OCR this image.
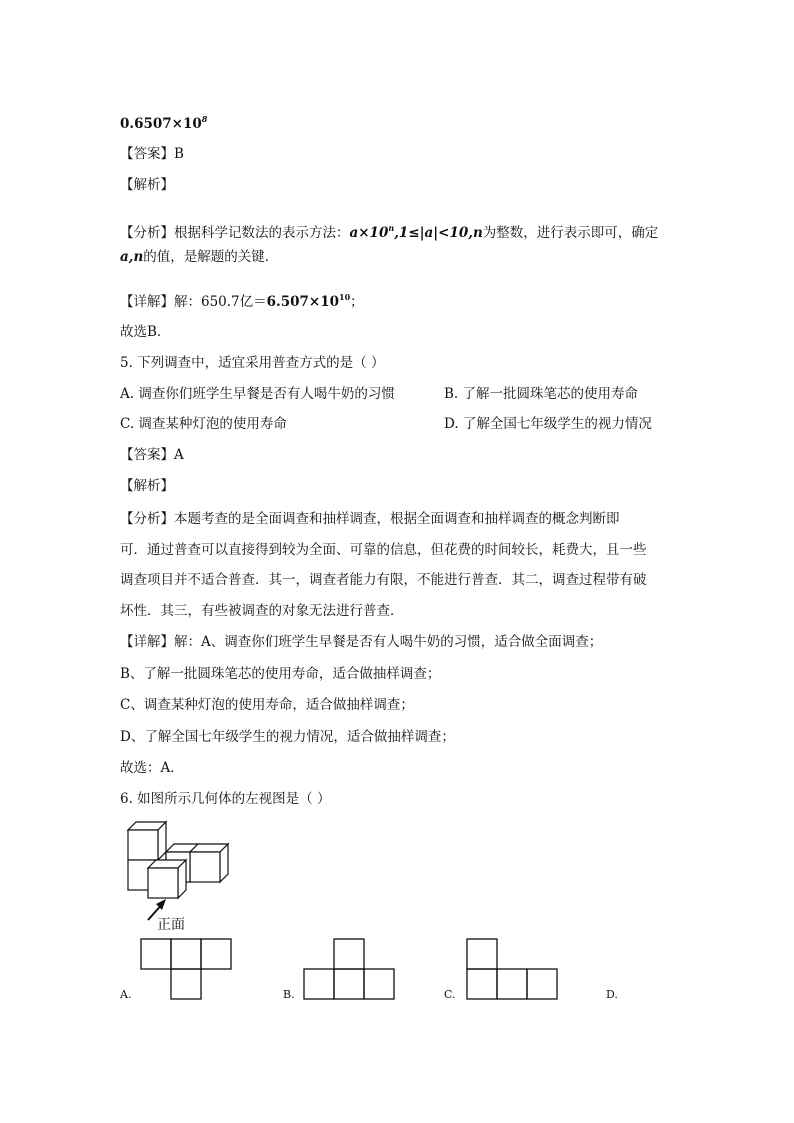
$0.6507\times 10^8$
【答案】B
【解析】
【分析】根据科学记数法的表示方法：$a\times 10^n,1\le|a|<10,n$为整数，进行表示即可，确定
a,n的值，是解题的关键．
【详解】解：650.7亿$=6.507\times 10^{10}$；
故选B．
5. 下列调查中，适宜采用普查方式的是（ ）
A. 调查你们班学生早餐是否有人喝牛奶的习惯	B. 了解一批圆珠笔芯的使用寿命
C. 调查某种灯泡的使用寿命	D. 了解全国七年级学生的视力情况
【答案】A
【解析】
【分析】本题考查的是全面调查和抽样调查，根据全面调查和抽样调查的概念判断即
可．通过普查可以直接得到较为全面、可靠的信息，但花费的时间较长，耗费大，且一些
调查项目并不适合普查．其一，调查者能力有限，不能进行普查．其二，调查过程带有破
坏性．其三，有些被调查的对象无法进行普查．
【详解】解：A、调查你们班学生早餐是否有人喝牛奶的习惯，适合做全面调查；
B、了解一批圆珠笔芯的使用寿命，适合做抽样调查；
C、调查某种灯泡的使用寿命，适合做抽样调查；
D、了解全国七年级学生的视力情况，适合做抽样调查；
故选：A．
6. 如图所示几何体的左视图是（ ）
正面
A.	B.	C.	D.
